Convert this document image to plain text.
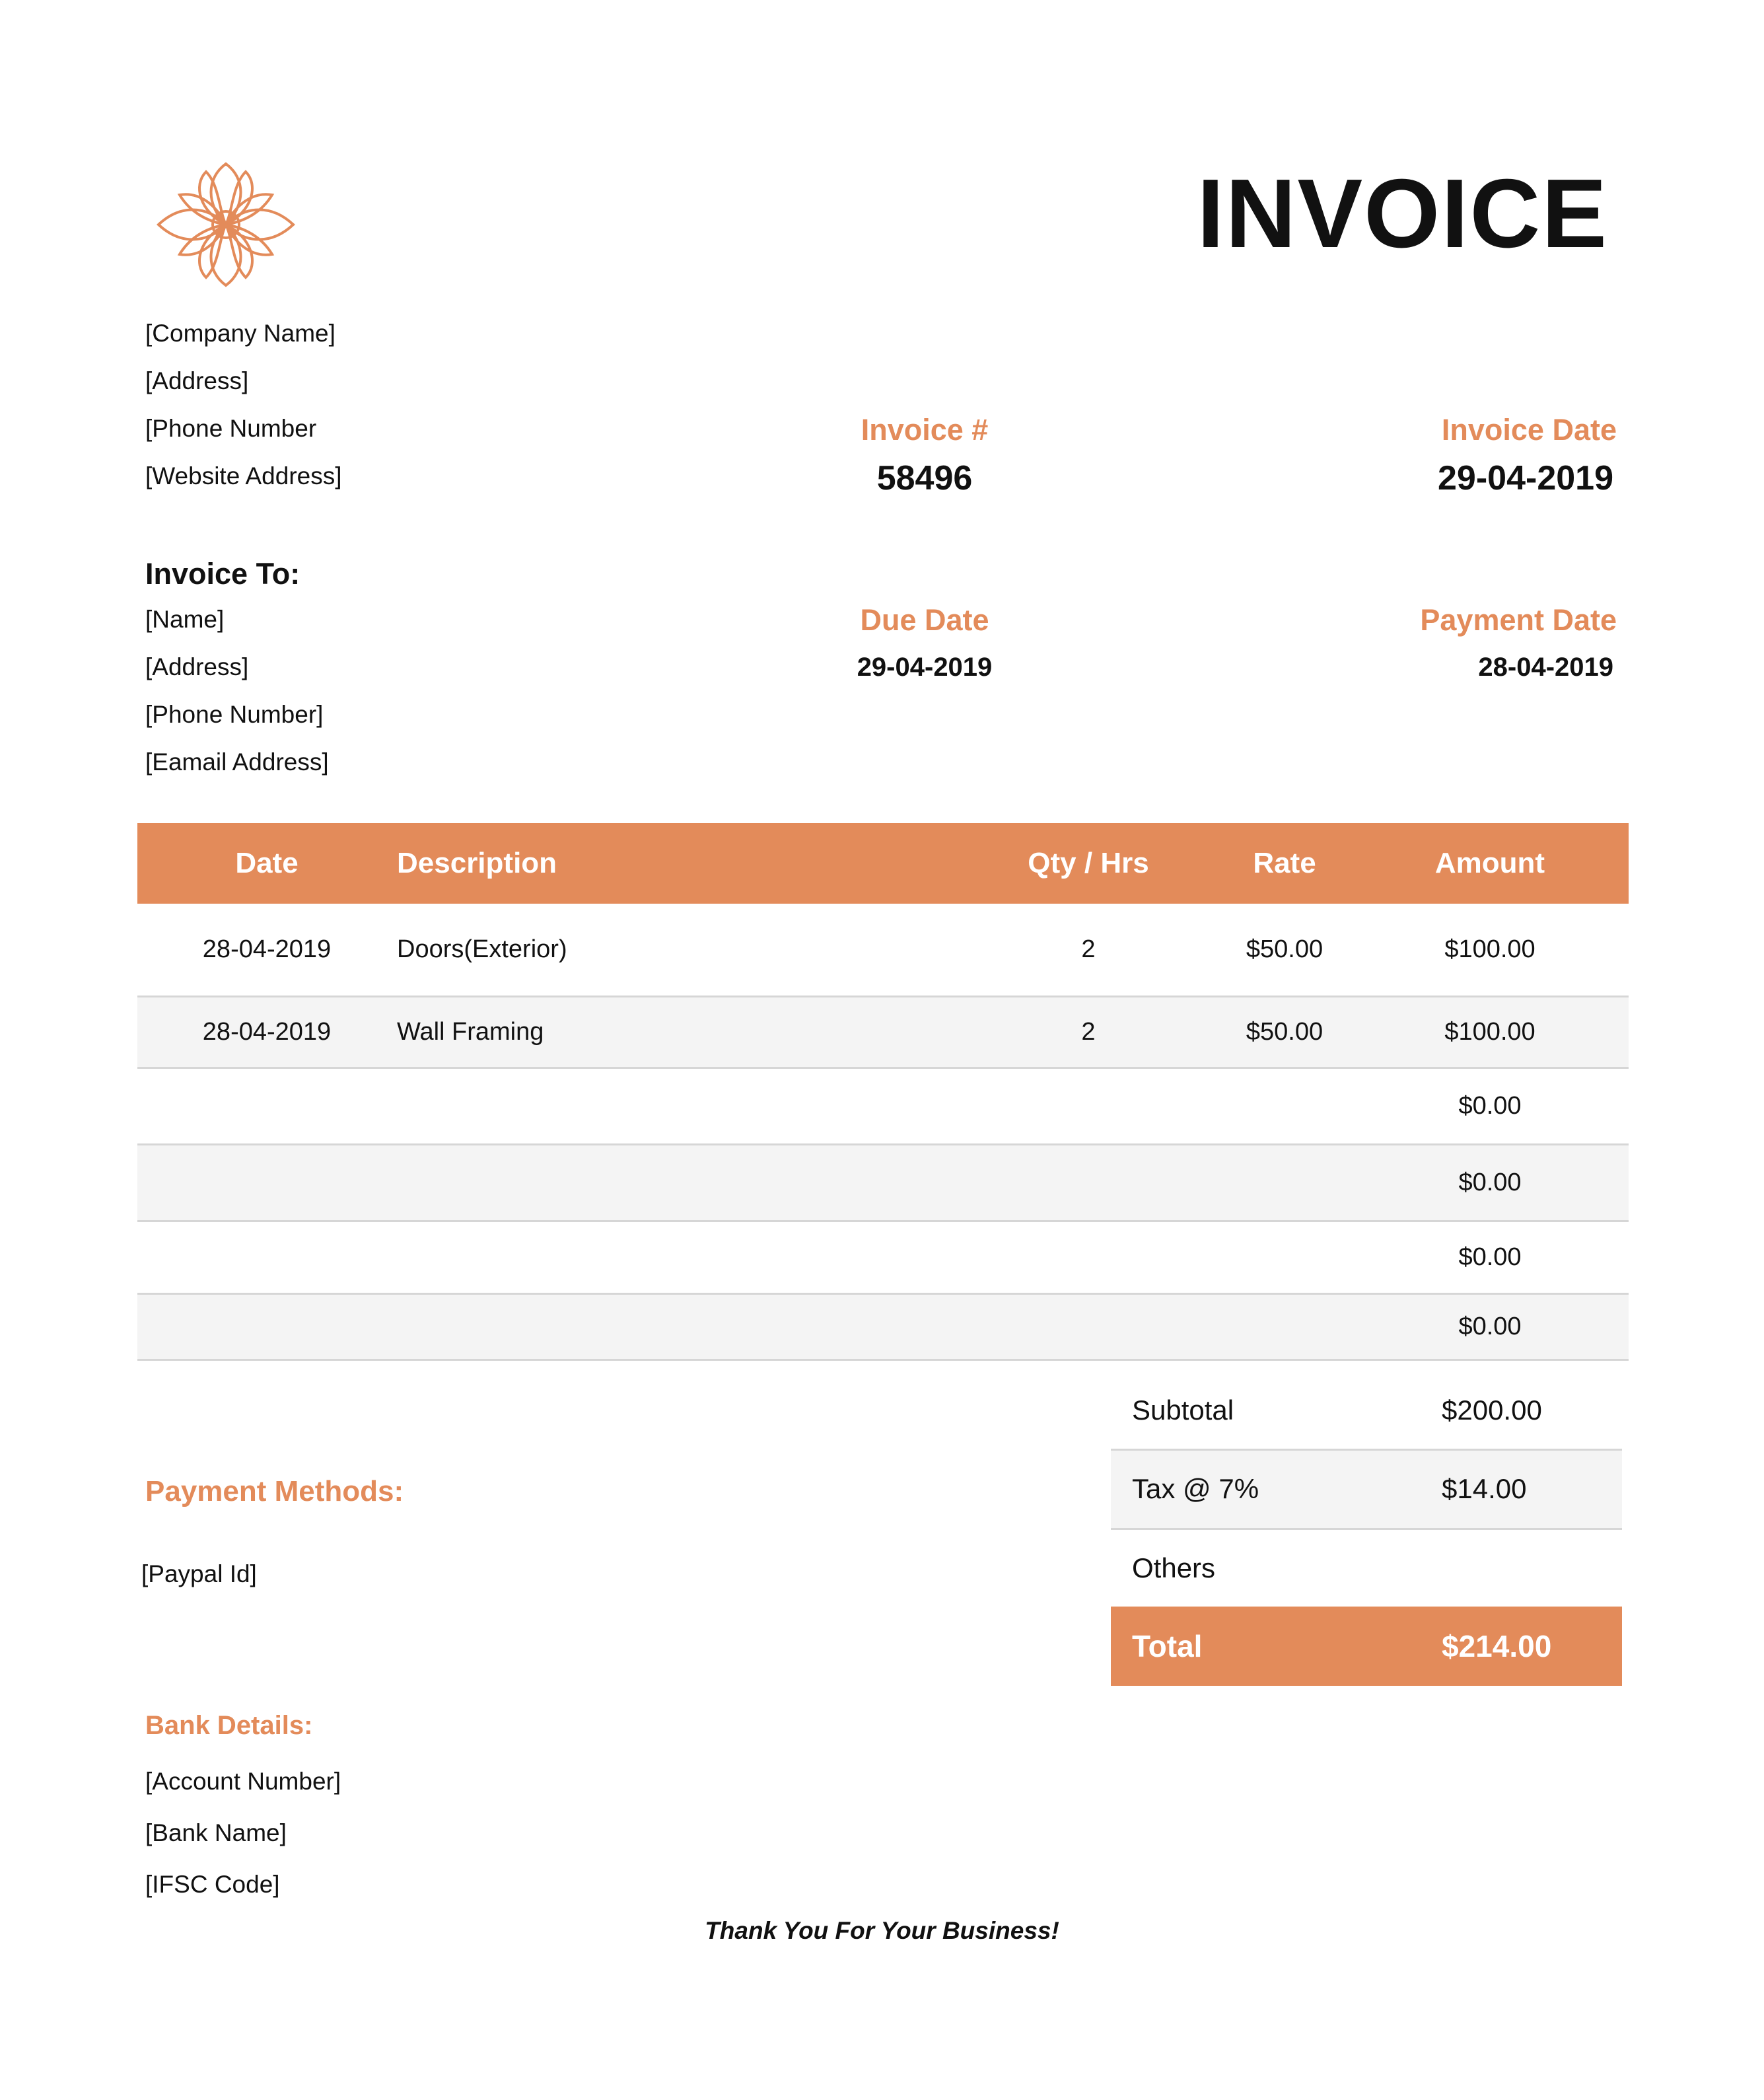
INVOICE
[Company Name]
[Address]
[Phone Number
[Website Address]
Invoice #
58496
Invoice Date
29-04-2019
Due Date
29-04-2019
Payment Date
28-04-2019
Invoice To:
[Name]
[Address]
[Phone Number]
[Eamail Address]
Date	Description	Qty / Hrs	Rate	Amount
28-04-2019	Doors(Exterior)	2	$50.00	$100.00
28-04-2019	Wall Framing	2	$50.00	$100.00
				$0.00
				$0.00
				$0.00
				$0.00
Subtotal	$200.00
Tax @ 7%	$14.00
Others	
Total	$214.00
Payment Methods:
[Paypal Id]
Bank Details:
[Account Number]
[Bank Name]
[IFSC Code]
Thank You For Your Business!
